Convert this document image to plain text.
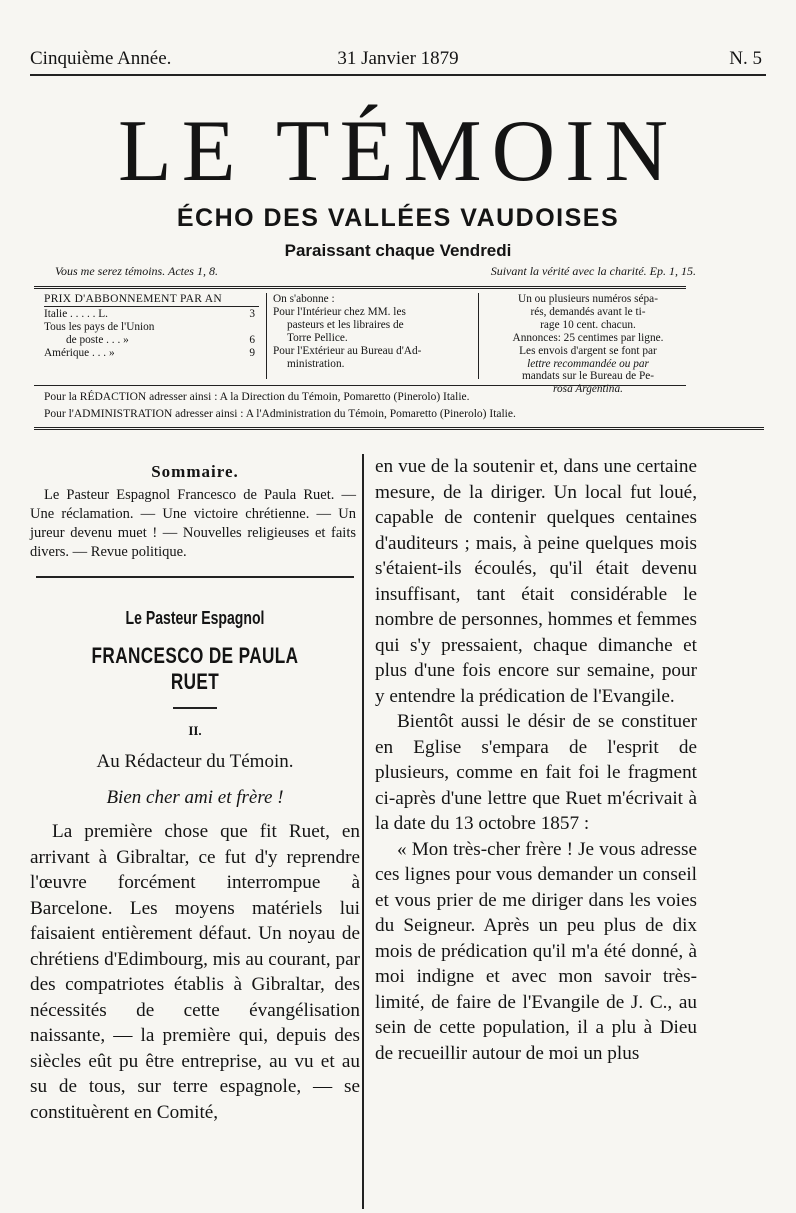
Cinquième Année.	31 Janvier 1879	N. 5
LE TÉMOIN
ÉCHO DES VALLÉES VAUDOISES
Paraissant chaque Vendredi
Vous me serez témoins. Actes 1, 8.	Suivant la vérité avec la charité. Ep. 1, 15.
PRIX D'ABBONNEMENT PAR AN
Italie . . . . . L.	3
Tous les pays de l'Union
de poste . . . »	6
Amérique . . . »	9
On s'abonne :
Pour l'Intérieur chez MM. les
pasteurs et les libraires de
Torre Pellice.
Pour l'Extérieur au Bureau d'Ad-
ministration.
Un ou plusieurs numéros sépa-
rés, demandés avant le ti-
rage 10 cent. chacun.
Annonces: 25 centimes par ligne.
Les envois d'argent se font par
lettre recommandée ou par
mandats sur le Bureau de Pe-
rosa Argentina.
Pour la RÉDACTION adresser ainsi : A la Direction du Témoin, Pomaretto (Pinerolo) Italie.
Pour l'ADMINISTRATION adresser ainsi : A l'Administration du Témoin, Pomaretto (Pinerolo) Italie.
Sommaire.
Le Pasteur Espagnol Francesco de Paula Ruet. — Une réclamation. — Une victoire chrétienne. — Un jureur devenu muet ! — Nouvelles religieuses et faits divers. — Revue politique.
Le Pasteur Espagnol
FRANCESCO DE PAULA RUET
II.
Au Rédacteur du Témoin.
Bien cher ami et frère !

La première chose que fit Ruet, en arrivant à Gibraltar, ce fut d'y reprendre l'œuvre forcément interrompue à Barcelone. Les moyens matériels lui faisaient entièrement défaut. Un noyau de chrétiens d'Edimbourg, mis au courant, par des compatriotes établis à Gibraltar, des nécessités de cette évangélisation naissante, — la première qui, depuis des siècles eût pu être entreprise, au vu et au su de tous, sur terre espagnole, — se constituèrent en Comité,

en vue de la soutenir et, dans une certaine mesure, de la diriger. Un local fut loué, capable de contenir quelques centaines d'auditeurs ; mais, à peine quelques mois s'étaient-ils écoulés, qu'il était devenu insuffisant, tant était considérable le nombre de personnes, hommes et femmes qui s'y pressaient, chaque dimanche et plus d'une fois encore sur semaine, pour y entendre la prédication de l'Evangile.

Bientôt aussi le désir de se constituer en Eglise s'empara de l'esprit de plusieurs, comme en fait foi le fragment ci-après d'une lettre que Ruet m'écrivait à la date du 13 octobre 1857 :

« Mon très-cher frère ! Je vous adresse ces lignes pour vous demander un conseil et vous prier de me diriger dans les voies du Seigneur. Après un peu plus de dix mois de prédication qu'il m'a été donné, à moi indigne et avec mon savoir très-limité, de faire de l'Evangile de J. C., au sein de cette population, il a plu à Dieu de recueillir autour de moi un plus
